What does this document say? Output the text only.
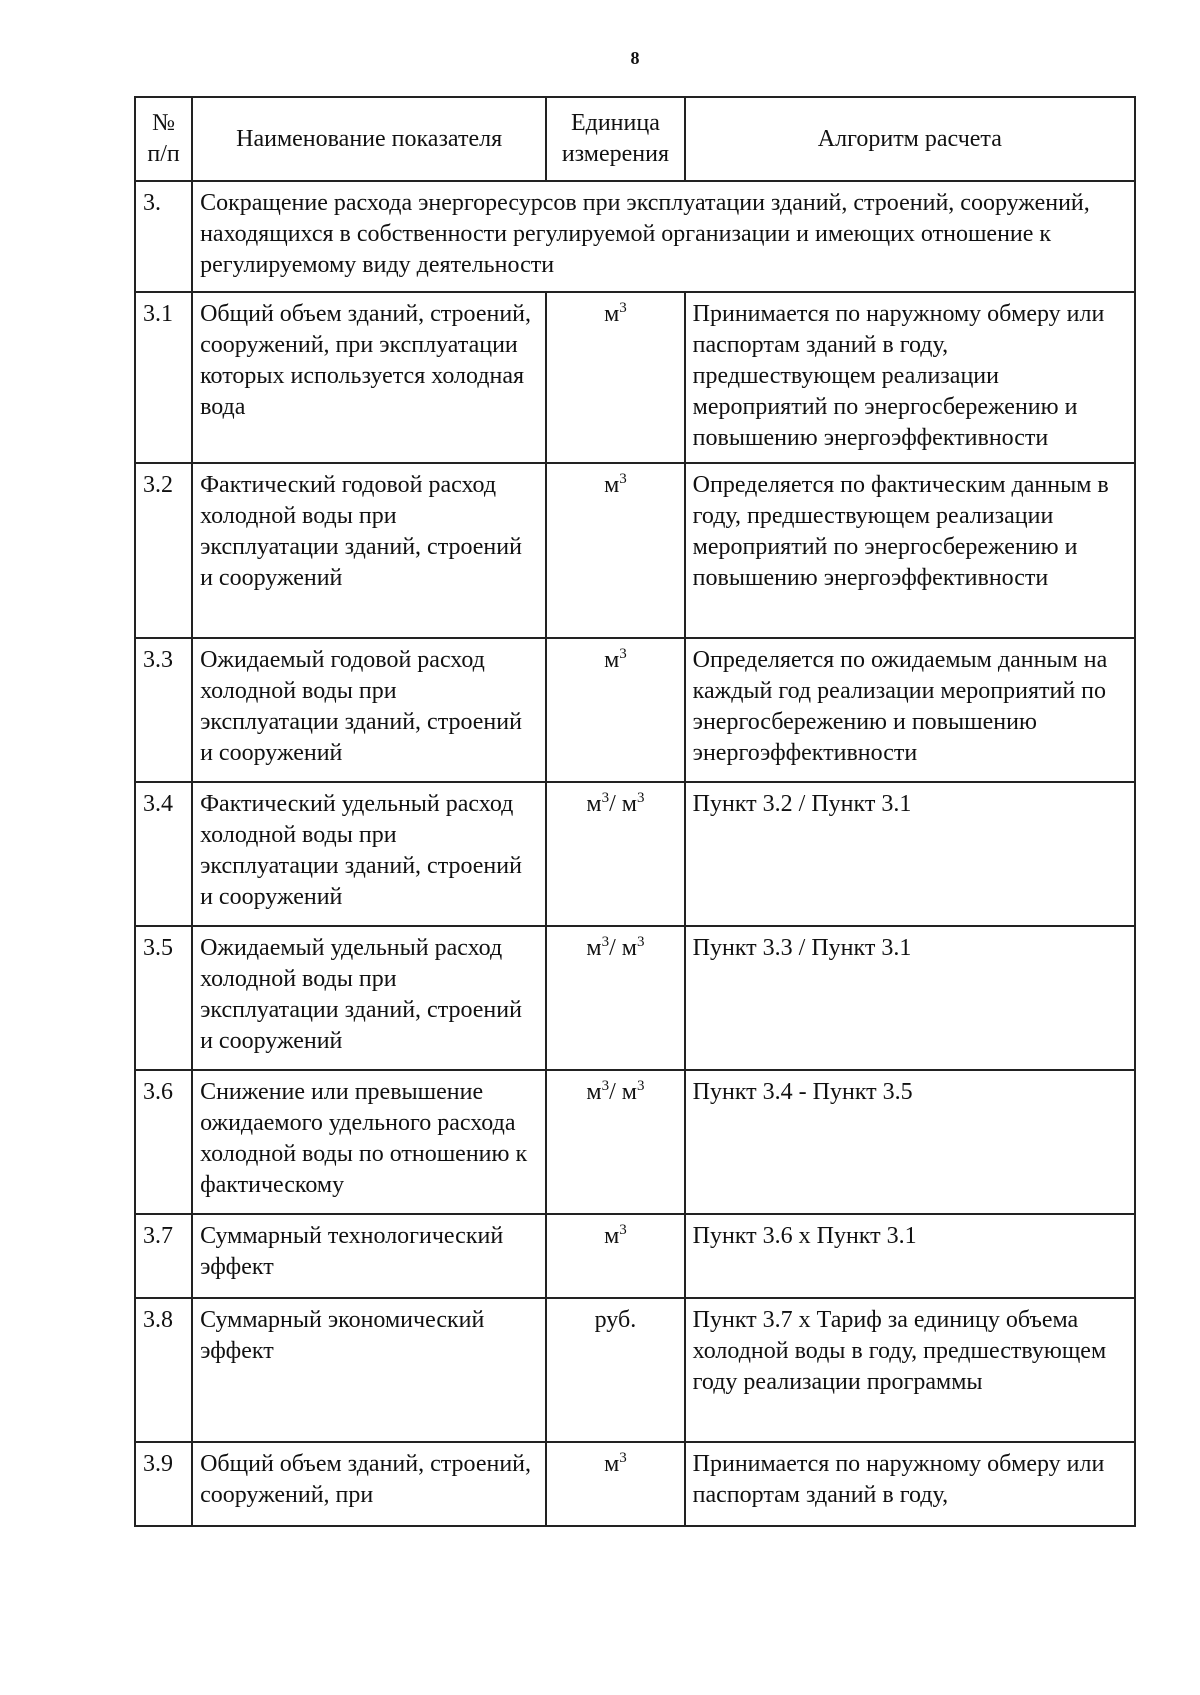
8
№ п/п	Наименование показателя	Единица измерения	Алгоритм расчета
3.	Сокращение расхода энергоресурсов при эксплуатации зданий, строений, сооружений, находящихся в собственности регулируемой организации и имеющих отношение к регулируемому виду деятельности		
3.1	Общий объем зданий, строений, сооружений, при эксплуатации которых используется холодная вода	$м^3$	Принимается по наружному обмеру или паспортам зданий в году, предшествующем реализации мероприятий по энергосбережению и повышению энергоэффективности
3.2	Фактический годовой расход холодной воды при эксплуатации зданий, строений и сооружений	$м^3$	Определяется по фактическим данным в году, предшествующем реализации мероприятий по энергосбережению и повышению энергоэффективности
3.3	Ожидаемый годовой расход холодной воды при эксплуатации зданий, строений и сооружений	$м^3$	Определяется по ожидаемым данным на каждый год реализации мероприятий по энергосбережению и повышению энергоэффективности
3.4	Фактический удельный расход холодной воды при эксплуатации зданий, строений и сооружений	$м^3/$ $м^3$	Пункт 3.2 / Пункт 3.1
3.5	Ожидаемый удельный расход холодной воды при эксплуатации зданий, строений и сооружений	$м^3/$ $м^3$	Пункт 3.3 / Пункт 3.1
3.6	Снижение или превышение ожидаемого удельного расхода холодной воды по отношению к фактическому	$м^3/$ $м^3$	Пункт 3.4 - Пункт 3.5
3.7	Суммарный технологический эффект	$м^3$	Пункт 3.6 х Пункт 3.1
3.8	Суммарный экономический эффект	руб.	Пункт 3.7 х Тариф за единицу объема холодной воды в году, предшествующем году реализации программы
3.9	Общий объем зданий, строений, сооружений, при	$м^3$	Принимается по наружному обмеру или паспортам зданий в году,
